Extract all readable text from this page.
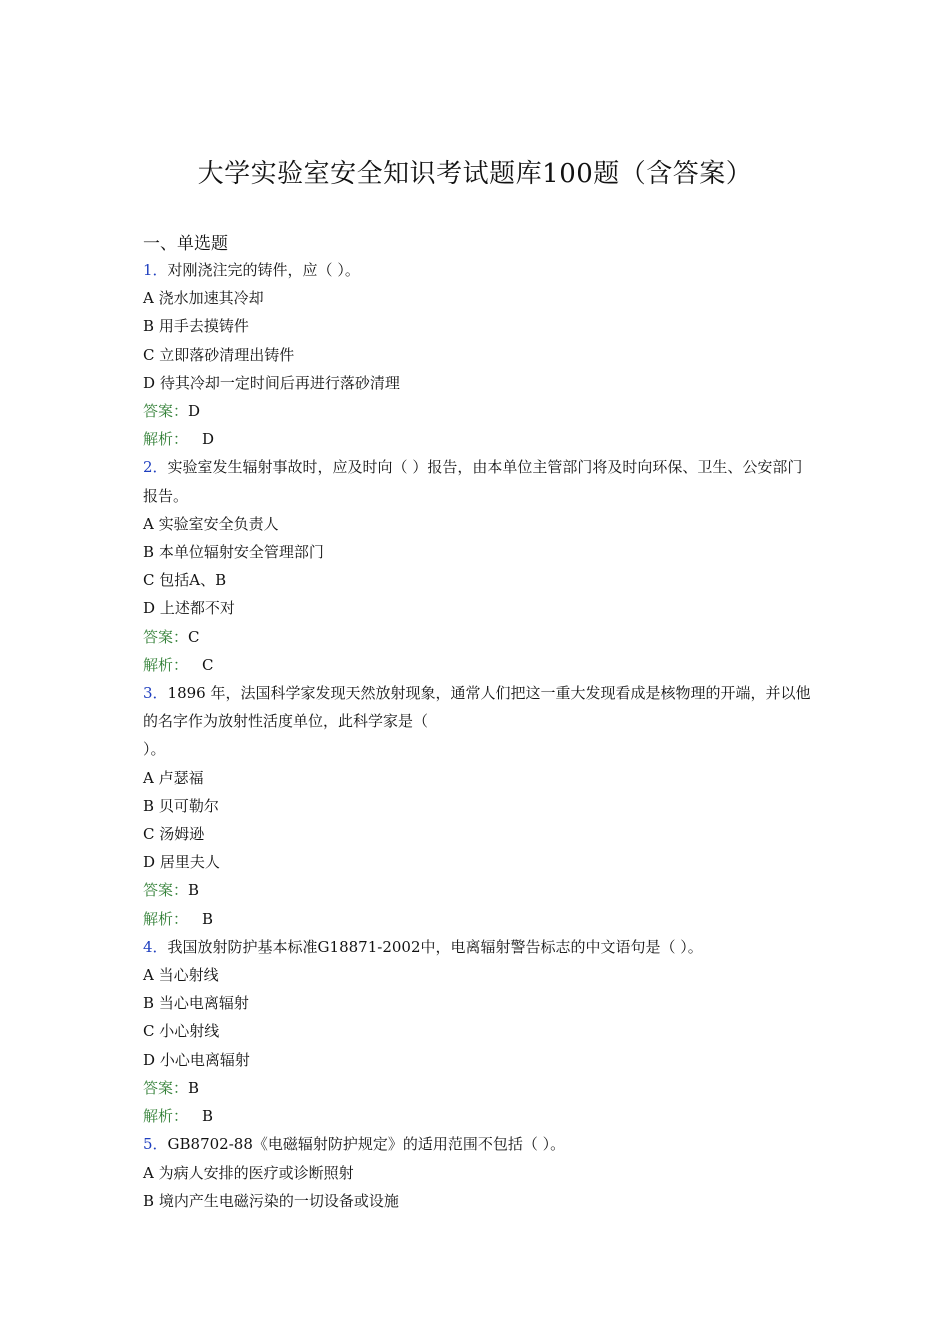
大学实验室安全知识考试题库100题（含答案）
一、单选题
1．对刚浇注完的铸件，应（ ）。
A 浇水加速其冷却
B 用手去摸铸件
C 立即落砂清理出铸件
D 待其冷却一定时间后再进行落砂清理
答案：D
解析： D
2．实验室发生辐射事故时，应及时向（ ）报告，由本单位主管部门将及时向环保、卫生、公安部门报告。
A 实验室安全负责人
B 本单位辐射安全管理部门
C 包括A、B
D 上述都不对
答案：C
解析： C
3．1896 年，法国科学家发现天然放射现象，通常人们把这一重大发现看成是核物理的开端，并以他的名字作为放射性活度单位，此科学家是（
）。
A 卢瑟福
B 贝可勒尔
C 汤姆逊
D 居里夫人
答案：B
解析： B
4．我国放射防护基本标准G18871-2002中，电离辐射警告标志的中文语句是（ ）。
A 当心射线
B 当心电离辐射
C 小心射线
D 小心电离辐射
答案：B
解析： B
5．GB8702-88《电磁辐射防护规定》的适用范围不包括（ ）。
A 为病人安排的医疗或诊断照射
B 境内产生电磁污染的一切设备或设施
